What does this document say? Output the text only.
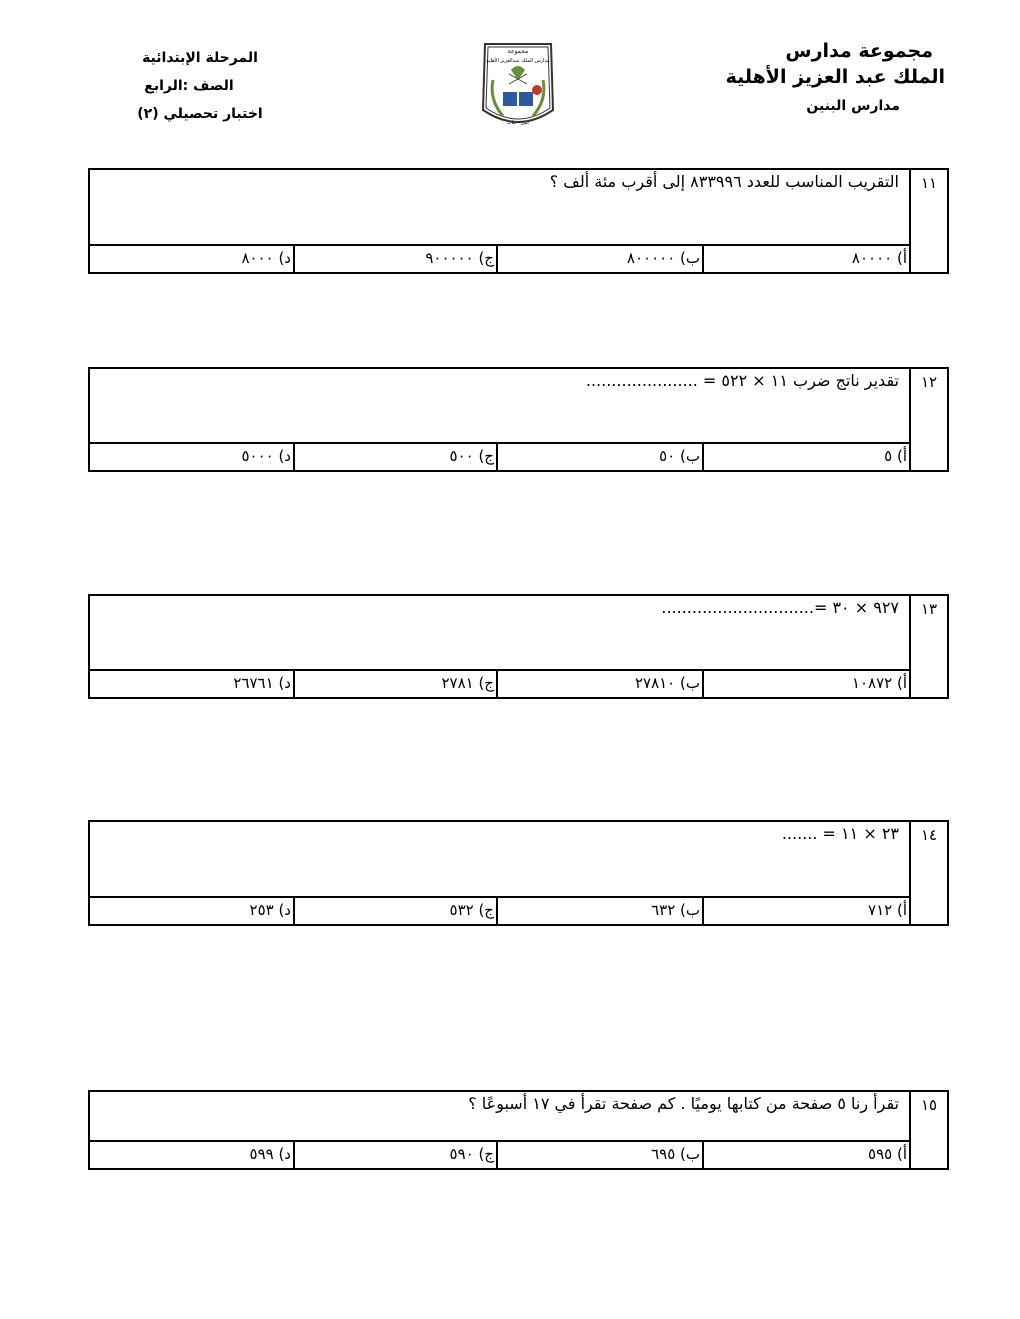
مجموعة مدارس
الملك عبد العزيز الأهلية
مدارس البنين
المرحلة الإبتدائية
الصف :الرابع
اختبار تحصيلي (٢)
مجموعة
مدارس الملك عبدالعزيز الأهلية
بنين - بنات
١١
التقريب المناسب للعدد ٨٣٣٩٩٦ إلى أقرب مئة ألف ؟
أ) ٨٠٠٠٠
ب) ٨٠٠٠٠٠
ج) ٩٠٠٠٠٠
د) ٨٠٠٠
١٢
تقدير ناتج ضرب ١١ × ٥٢٢ = ......................
أ) ٥
ب) ٥٠
ج) ٥٠٠
د) ٥٠٠٠
١٣
٩٢٧ × ٣٠ =..............................
أ) ١٠٨٧٢
ب) ٢٧٨١٠
ج) ٢٧٨١
د) ٢٦٧٦١
١٤
٢٣ × ١١ = .......
أ) ٧١٢
ب) ٦٣٢
ج) ٥٣٢
د) ٢٥٣
١٥
تقرأ رنا ٥ صفحة من كتابها يوميًا . كم صفحة تقرأ في ١٧ أسبوعًا ؟
أ) ٥٩٥
ب) ٦٩٥
ج) ٥٩٠
د) ٥٩٩
